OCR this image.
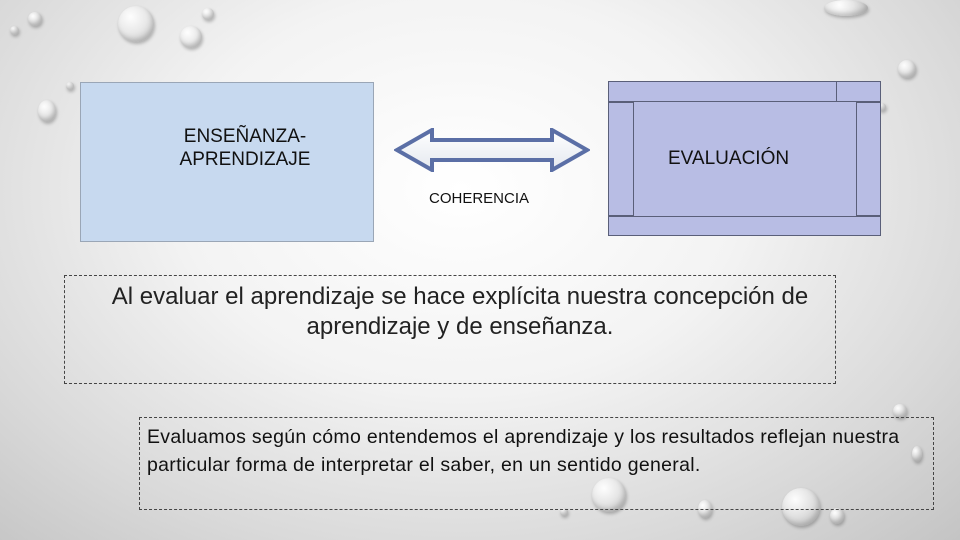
ENSEÑANZA-
APRENDIZAJE
COHERENCIA
EVALUACIÓN
Al evaluar el aprendizaje se hace explícita nuestra concepción de aprendizaje y de enseñanza.
Evaluamos según cómo entendemos el aprendizaje y los resultados reflejan nuestra particular forma de interpretar el saber, en un sentido general.
